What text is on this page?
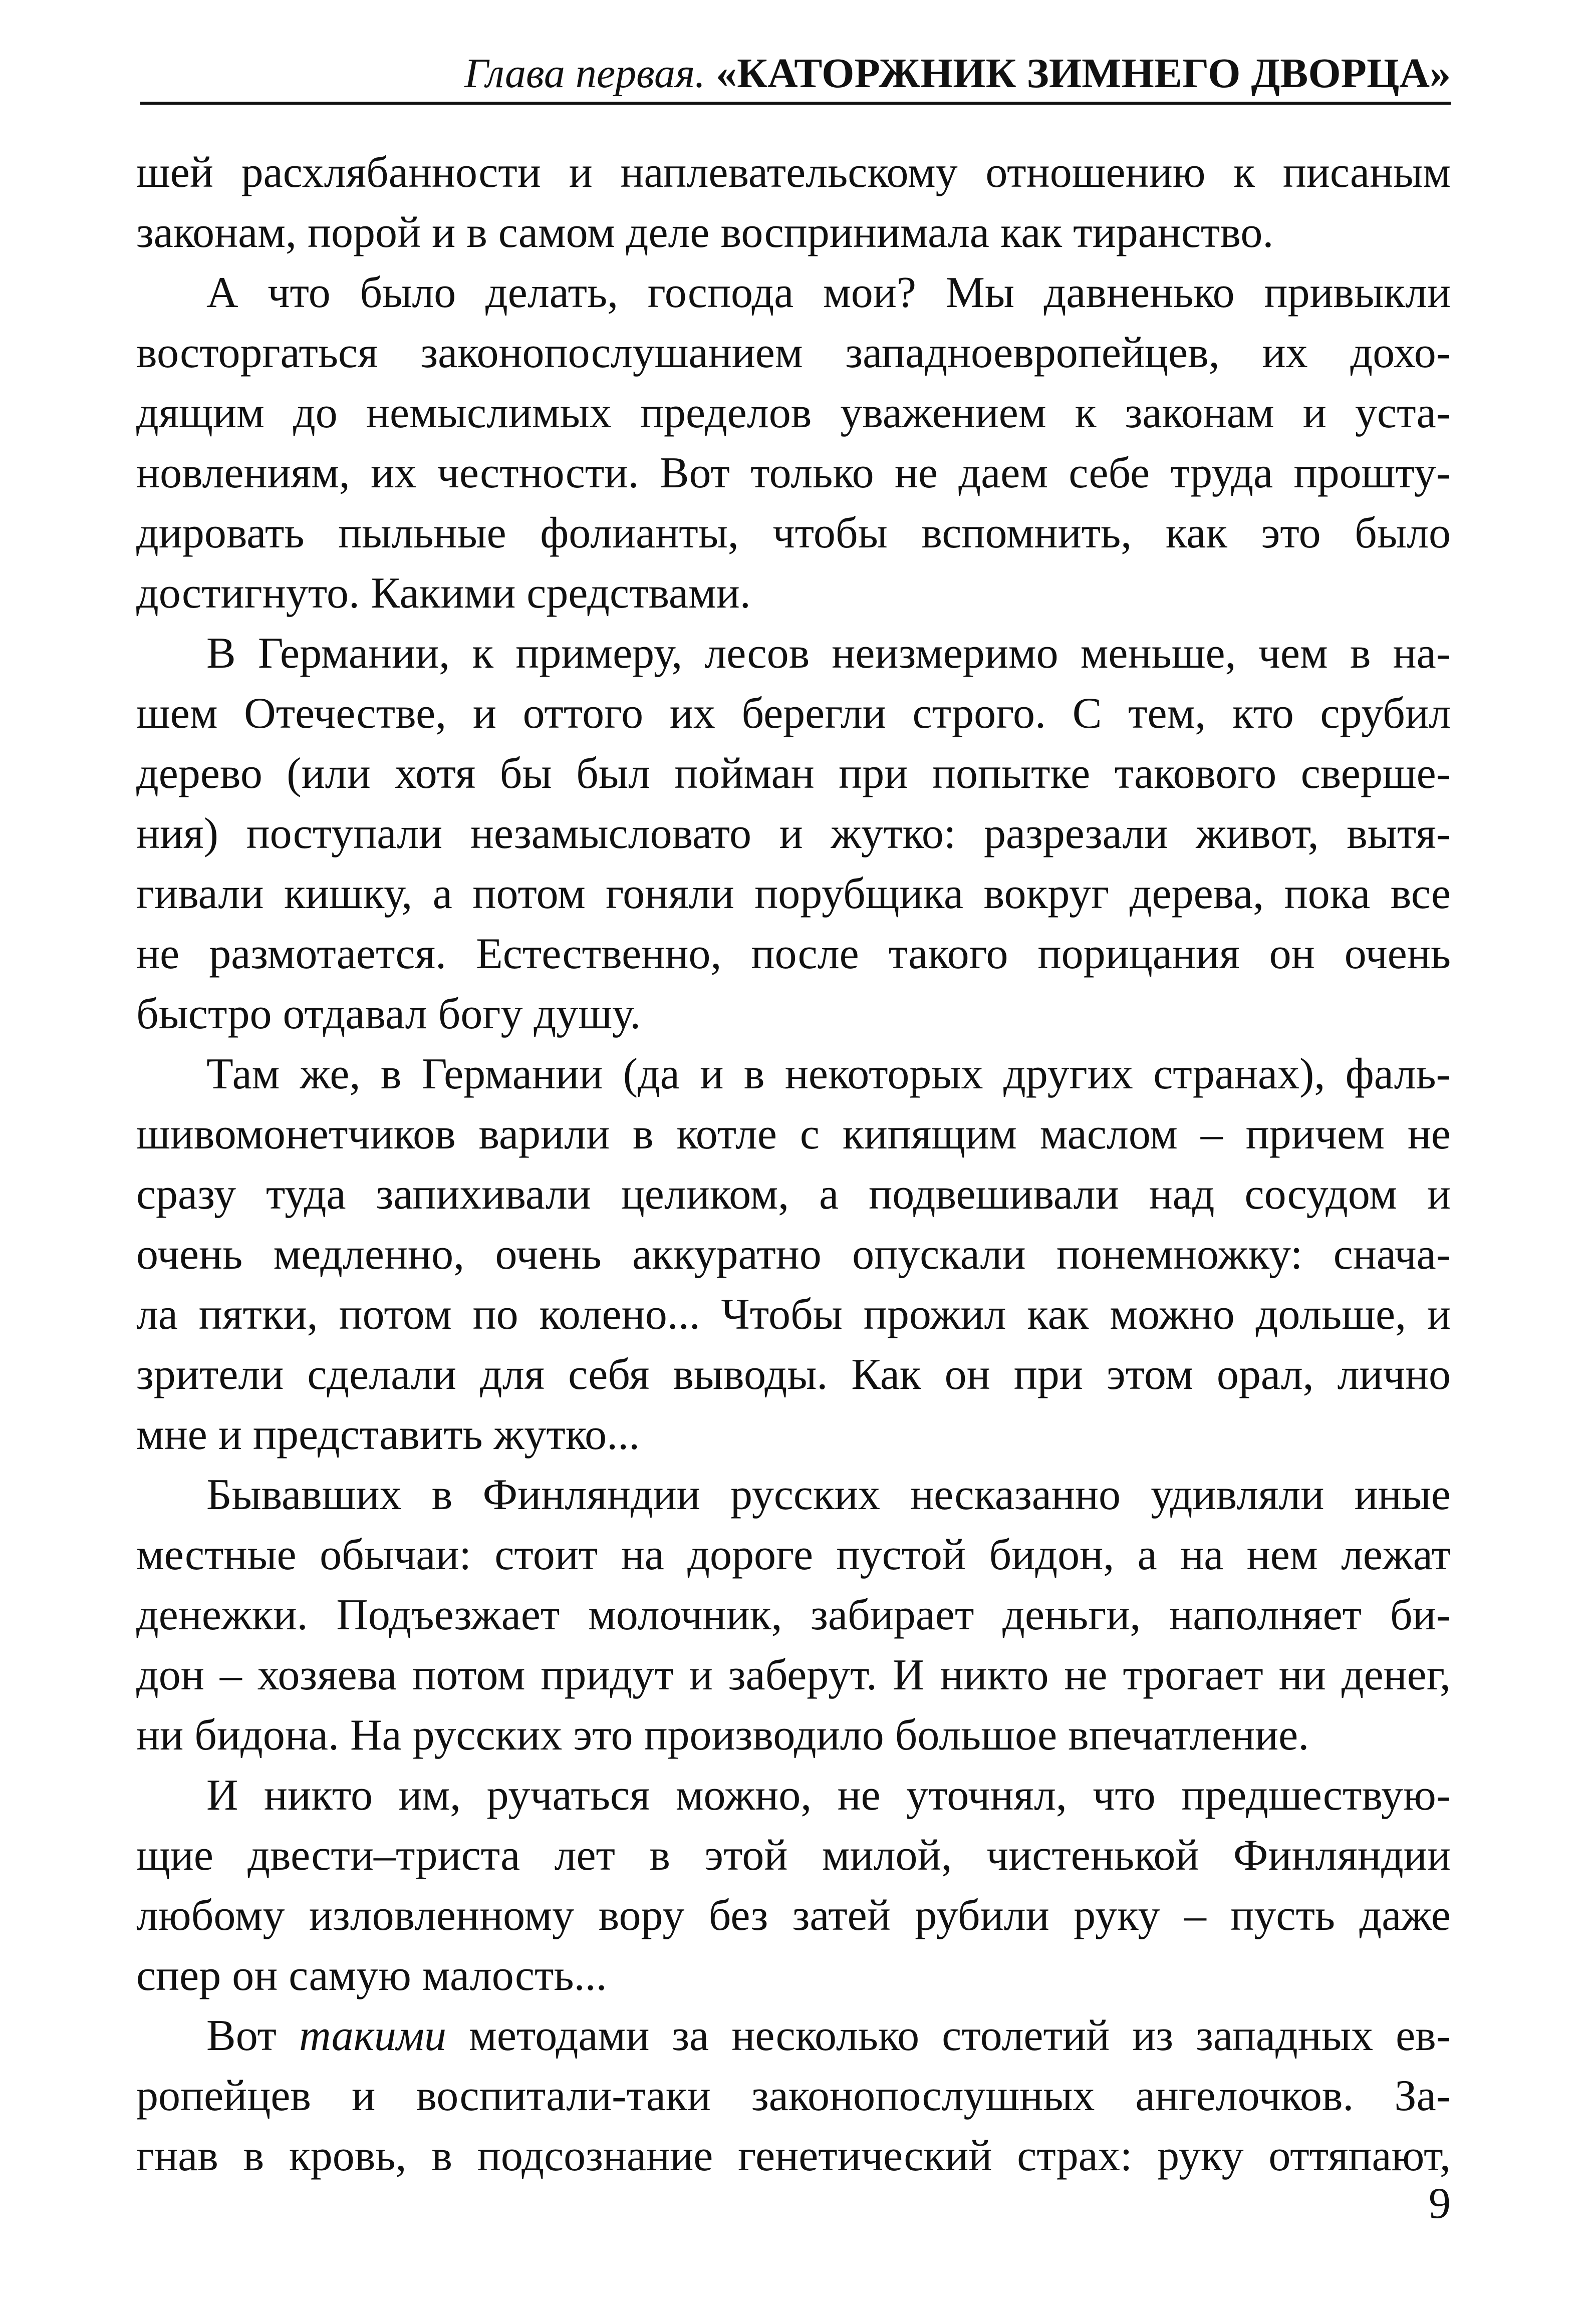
Глава первая. «КАТОРЖНИК ЗИМНЕГО ДВОРЦА»
шей расхлябанности и наплевательскому отношению к писаным
законам, порой и в самом деле воспринимала как тиранство.
А что было делать, господа мои? Мы давненько привыкли
восторгаться законопослушанием западноевропейцев, их дохо-
дящим до немыслимых пределов уважением к законам и уста-
новлениям, их честности. Вот только не даем себе труда прошту-
дировать пыльные фолианты, чтобы вспомнить, как это было
достигнуто. Какими средствами.
В Германии, к примеру, лесов неизмеримо меньше, чем в на-
шем Отечестве, и оттого их берегли строго. С тем, кто срубил
дерево (или хотя бы был пойман при попытке такового сверше-
ния) поступали незамысловато и жутко: разрезали живот, вытя-
гивали кишку, а потом гоняли порубщика вокруг дерева, пока все
не размотается. Естественно, после такого порицания он очень
быстро отдавал богу душу.
Там же, в Германии (да и в некоторых других странах), фаль-
шивомонетчиков варили в котле с кипящим маслом – причем не
сразу туда запихивали целиком, а подвешивали над сосудом и
очень медленно, очень аккуратно опускали понемножку: снача-
ла пятки, потом по колено... Чтобы прожил как можно дольше, и
зрители сделали для себя выводы. Как он при этом орал, лично
мне и представить жутко...
Бывавших в Финляндии русских несказанно удивляли иные
местные обычаи: стоит на дороге пустой бидон, а на нем лежат
денежки. Подъезжает молочник, забирает деньги, наполняет би-
дон – хозяева потом придут и заберут. И никто не трогает ни денег,
ни бидона. На русских это производило большое впечатление.
И никто им, ручаться можно, не уточнял, что предшествую-
щие двести–триста лет в этой милой, чистенькой Финляндии
любому изловленному вору без затей рубили руку – пусть даже
спер он самую малость...
Вот такими методами за несколько столетий из западных ев-
ропейцев и воспитали-таки законопослушных ангелочков. За-
гнав в кровь, в подсознание генетический страх: руку оттяпают,
9
